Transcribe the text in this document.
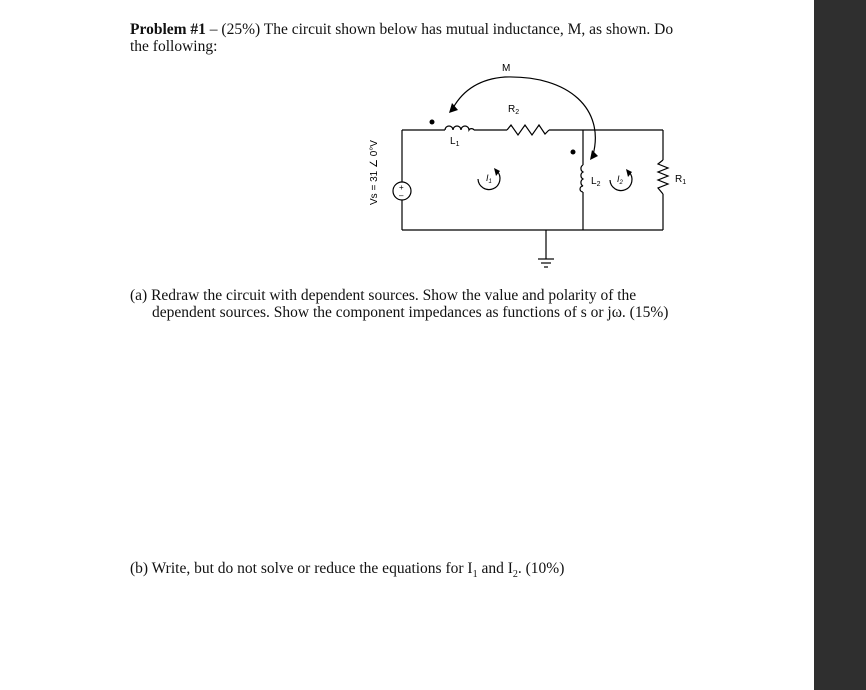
Problem #1 – (25%) The circuit shown below has mutual inductance, M, as shown. Do
the following:
M
$R_2$
$L_1$
$L_2$	$R_1$
$I_1$	$I_2$
+
–
Vs = 31 ∠ 0°V
(a) Redraw the circuit with dependent sources. Show the value and polarity of the

dependent sources. Show the component impedances as functions of s or jω. (15%)
(b) Write, but do not solve or reduce the equations for $I_1$ and $I_2$. (10%)
